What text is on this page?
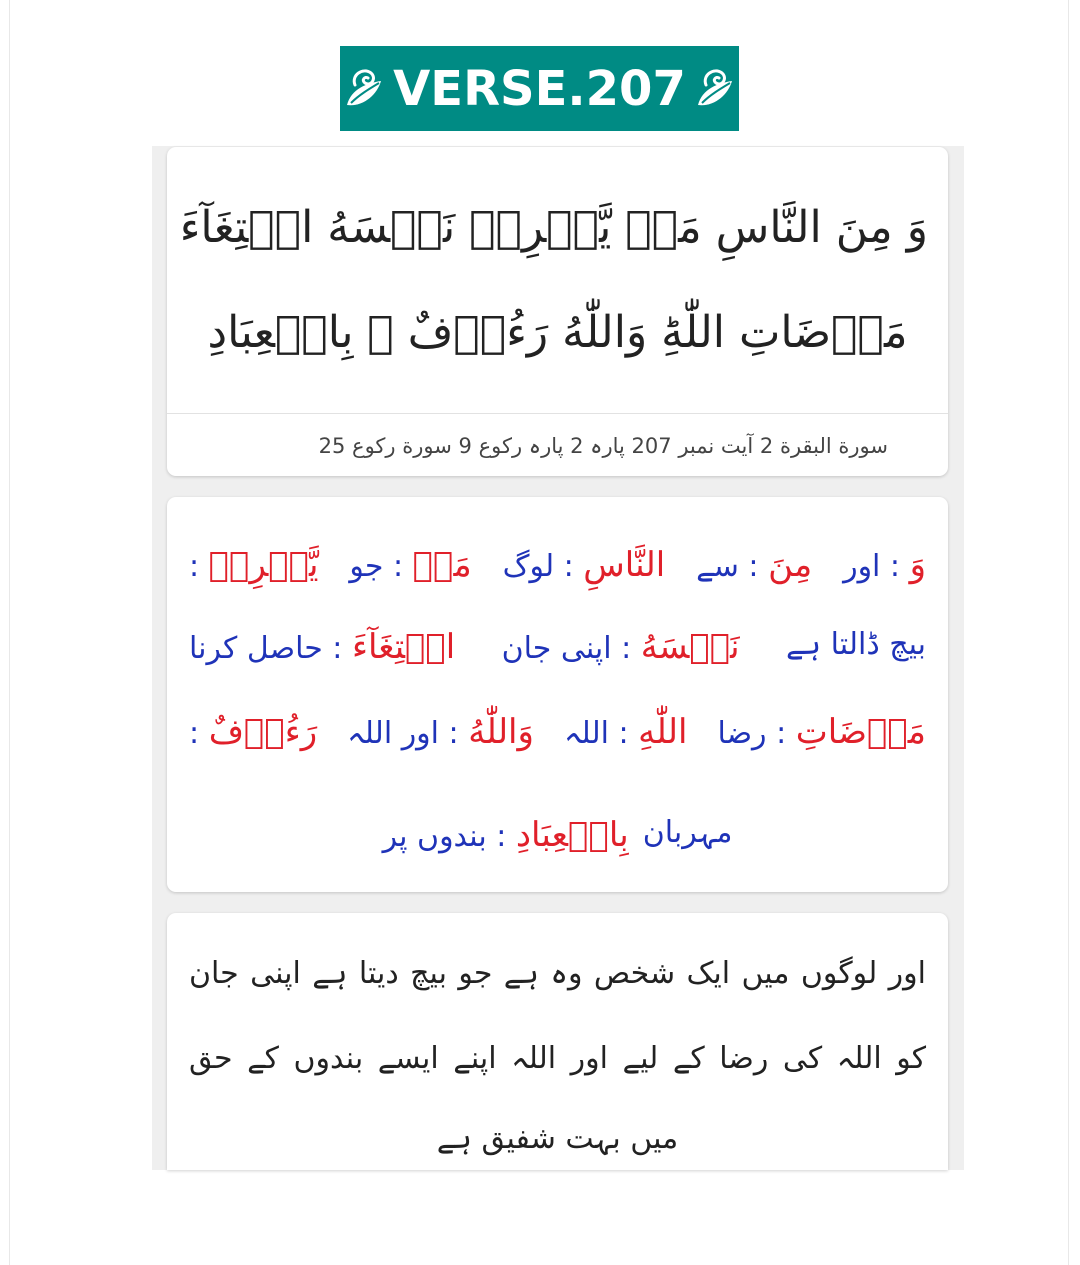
VERSE.207
وَ مِنَ النَّاسِ مَنۡ يَّشۡرِىۡ نَفۡسَهُ ابۡتِغَآءَ
مَرۡضَاتِ اللّٰهِ‌ؕ وَاللّٰهُ رَءُوۡفٌ ۢ بِالۡعِبَادِ
سورة البقرة 2 آیت نمبر 207 پارہ 2 پارہ رکوع 9 سورة رکوع 25
وَ : اور
مِنَ : سے
النَّاسِ : لوگ
مَنۡ : جو
يَّشۡرِيۡ :
بیچ ڈالتا ہے
نَفۡسَهُ : اپنی جان
ابۡتِغَآءَ : حاصل کرنا
مَرۡضَاتِ : رضا
اللّٰهِ : اللہ
وَاللّٰهُ : اور اللہ
رَءُوۡفٌ :
مہربان
بِالۡعِبَادِ : بندوں پر
اور لوگوں میں ایک شخص وہ ہے جو بیچ دیتا ہے اپنی جان
کو اللہ کی رضا کے لیے اور اللہ اپنے ایسے بندوں کے حق
میں بہت شفیق ہے
